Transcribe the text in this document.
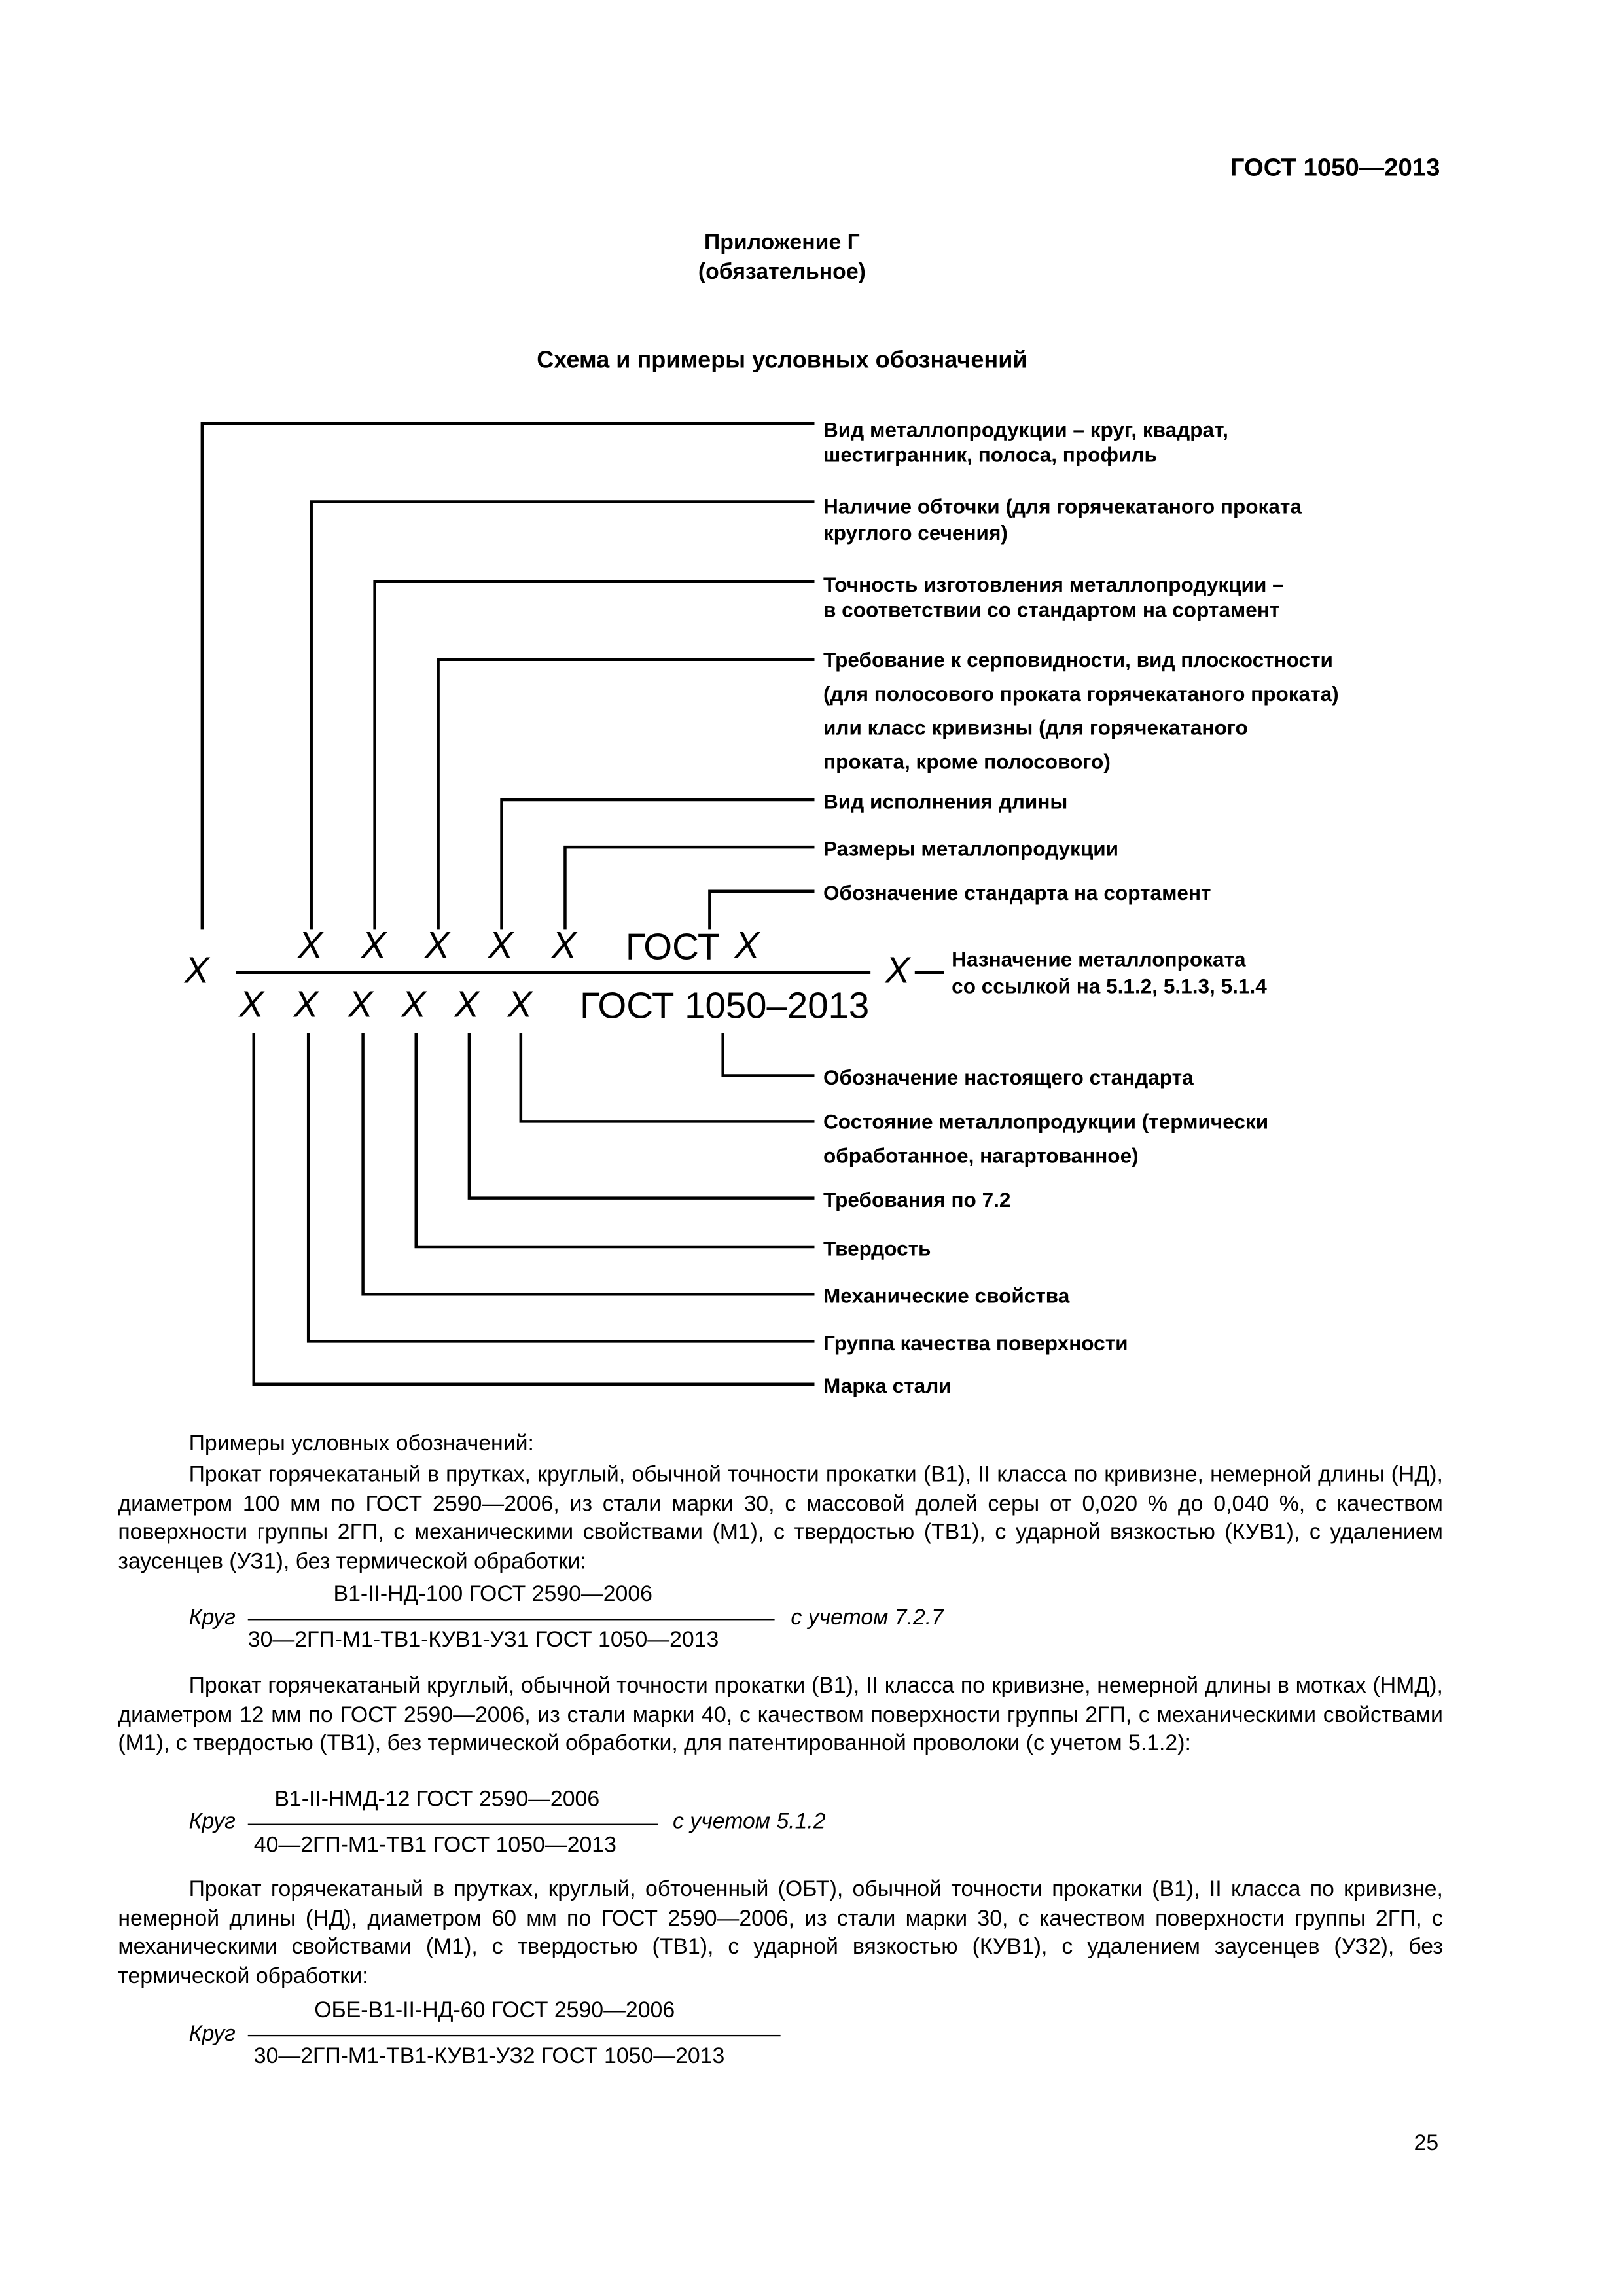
ГОСТ 1050—2013
Приложение Г
(обязательное)
Схема и примеры условных обозначений
X
X X X X X	ГОСТ X
X X X X X X	ГОСТ 1050–2013
X
Вид металлопродукции – круг, квадрат,
шестигранник, полоса, профиль
Наличие обточки (для горячекатаного проката
круглого сечения)
Точность изготовления металлопродукции –
в соответствии со стандартом на сортамент
Требование к серповидности, вид плоскостности
(для полосового проката горячекатаного проката)
или класс кривизны (для горячекатаного
проката, кроме полосового)
Вид исполнения длины
Размеры металлопродукции
Обозначение стандарта на сортамент
Назначение металлопроката
со ссылкой на 5.1.2, 5.1.3, 5.1.4
Обозначение настоящего стандарта
Состояние металлопродукции (термически
обработанное, нагартованное)
Требования по 7.2
Твердость
Механические свойства
Группа качества поверхности
Марка стали
Примеры условных обозначений:
Прокат горячекатаный в прутках, круглый, обычной точности прокатки (В1), II класса по кривизне, немерной длины (НД), диаметром 100 мм по ГОСТ 2590—2006, из стали марки 30, с массовой долей серы от 0,020 % до 0,040 %, с качеством поверхности группы 2ГП, с механическими свойствами (М1), с твердостью (ТВ1), с ударной вязкостью (КУВ1), с удалением заусенцев (УЗ1), без термической обработки:
Круг
В1-II-НД-100 ГОСТ 2590—2006
30—2ГП-М1-ТВ1-КУВ1-УЗ1 ГОСТ 1050—2013
с учетом 7.2.7
Прокат горячекатаный круглый, обычной точности прокатки (В1), II класса по кривизне, немерной длины в мотках (НМД), диаметром 12 мм по ГОСТ 2590—2006, из стали марки 40, с качеством поверхности группы 2ГП, с механическими свойствами (М1), с твердостью (ТВ1), без термической обработки, для патентированной проволоки (с учетом 5.1.2):
Круг
В1-II-НМД-12 ГОСТ 2590—2006
40—2ГП-М1-ТВ1 ГОСТ 1050—2013
с учетом 5.1.2
Прокат горячекатаный в прутках, круглый, обточенный (ОБТ), обычной точности прокатки (В1), II класса по кривизне, немерной длины (НД), диаметром 60 мм по ГОСТ 2590—2006, из стали марки 30, с качеством поверхности группы 2ГП, с механическими свойствами (М1), с твердостью (ТВ1), с ударной вязкостью (КУВ1), с удалением заусенцев (УЗ2), без термической обработки:
Круг
ОБЕ-В1-II-НД-60 ГОСТ 2590—2006
30—2ГП-М1-ТВ1-КУВ1-УЗ2 ГОСТ 1050—2013
25
